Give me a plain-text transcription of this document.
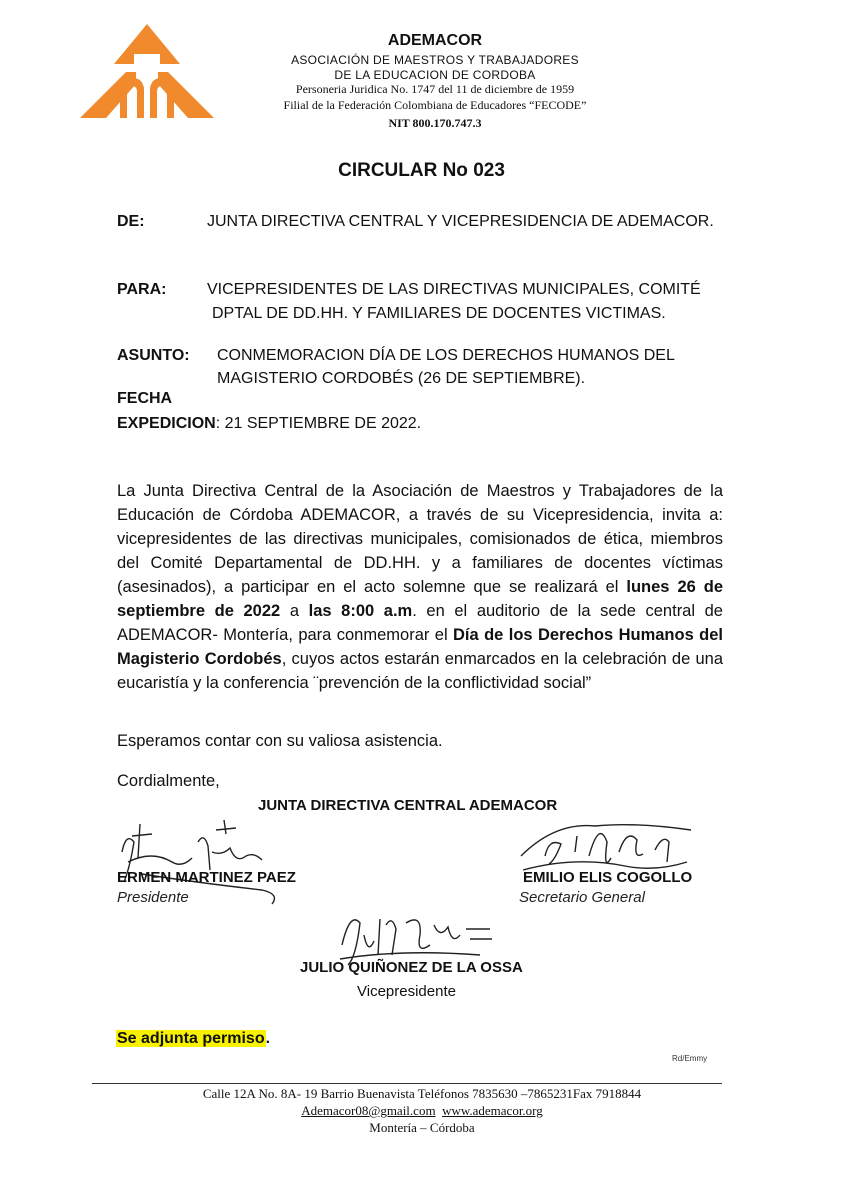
ADEMACOR
ASOCIACIÓN DE MAESTROS Y TRABAJADORES
DE LA EDUCACION DE CORDOBA
Personeria Juridica No. 1747 del 11 de diciembre de 1959
Filial de la Federación Colombiana de Educadores “FECODE”
NIT 800.170.747.3
CIRCULAR No 023
DE:	JUNTA DIRECTIVA CENTRAL Y VICEPRESIDENCIA DE ADEMACOR.
PARA:	VICEPRESIDENTES DE LAS DIRECTIVAS MUNICIPALES, COMITÉ
DPTAL DE DD.HH. Y FAMILIARES DE DOCENTES VICTIMAS.
ASUNTO: CONMEMORACION DÍA DE LOS DERECHOS HUMANOS DEL
MAGISTERIO CORDOBÉS (26 DE SEPTIEMBRE).
FECHA
EXPEDICION: 21 SEPTIEMBRE DE 2022.
La Junta Directiva Central de la Asociación de Maestros y Trabajadores de la Educación de Córdoba ADEMACOR, a través de su Vicepresidencia, invita a: vicepresidentes de las directivas municipales, comisionados de ética, miembros del Comité Departamental de DD.HH. y a familiares de docentes víctimas (asesinados), a participar en el acto solemne que se realizará el lunes 26 de septiembre de 2022 a las 8:00 a.m. en el auditorio de la sede central de ADEMACOR- Montería, para conmemorar el Día de los Derechos Humanos del Magisterio Cordobés, cuyos actos estarán enmarcados en la celebración de una eucaristía y la conferencia ¨prevención de la conflictividad social”
Esperamos contar con su valiosa asistencia.
Cordialmente,
JUNTA DIRECTIVA CENTRAL ADEMACOR
ERMEN MARTINEZ PAEZ
Presidente
EMILIO ELIS COGOLLO
Secretario General
JULIO QUIÑONEZ DE LA OSSA
Vicepresidente
Se adjunta permiso.
Rd/Emmy
Calle 12A No. 8A- 19 Barrio Buenavista Teléfonos 7835630 –7865231Fax 7918844
Ademacor08@gmail.com www.ademacor.org
Montería – Córdoba
